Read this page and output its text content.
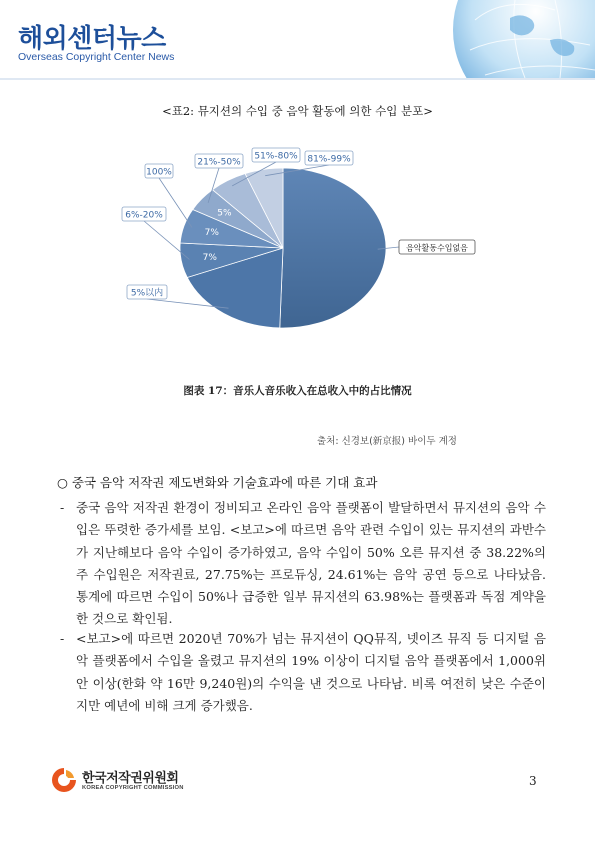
해외센터뉴스
Overseas Copyright Center News
<표2: 뮤지션의 수입 중 음악 활동에 의한 수입 분포>
7%
7%
5%
음악활동수입없음
5%以内
6%-20%
100%
21%-50%
51%-80% 81%-99%
图表 17：音乐人音乐收入在总收入中的占比情况
출처: 신경보(新京报) 바이두 계정
○ 중국 음악 저작권 제도변화와 기술효과에 따른 기대 효과
- 중국 음악 저작권 환경이 정비되고 온라인 음악 플랫폼이 발달하면서 뮤지션의 음악 수입은 뚜렷한 증가세를 보임. <보고>에 따르면 음악 관련 수입이 있는 뮤지션의 과반수가 지난해보다 음악 수입이 증가하였고, 음악 수입이 50% 오른 뮤지션 중 38.22%의 주 수입원은 저작권료, 27.75%는 프로듀싱, 24.61%는 음악 공연 등으로 나타났음. 통계에 따르면 수입이 50%나 급증한 일부 뮤지션의 63.98%는 플랫폼과 독점 계약을 한 것으로 확인됨.
- <보고>에 따르면 2020년 70%가 넘는 뮤지션이 QQ뮤직, 넷이즈 뮤직 등 디지털 음악 플랫폼에서 수입을 올렸고 뮤지션의 19% 이상이 디지털 음악 플랫폼에서 1,000위안 이상(한화 약 16만 9,240원)의 수익을 낸 것으로 나타남. 비록 여전히 낮은 수준이지만 예년에 비해 크게 증가했음.
한국저작권위원회
KOREA COPYRIGHT COMMISSION	3
